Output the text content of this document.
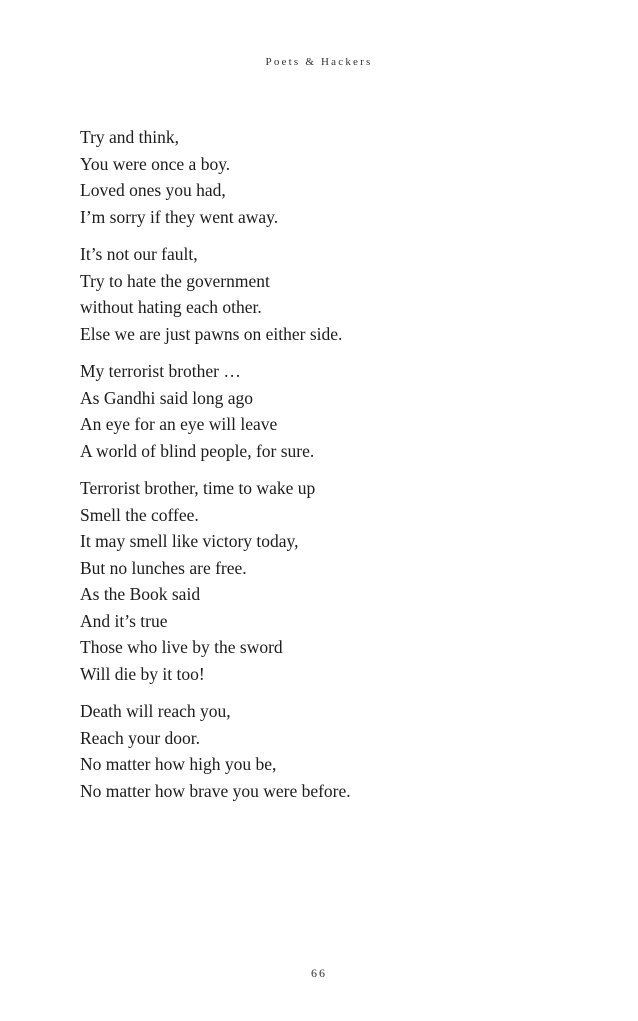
Poets & Hackers
Try and think,
You were once a boy.
Loved ones you had,
I’m sorry if they went away.
It’s not our fault,
Try to hate the government
without hating each other.
Else we are just pawns on either side.
My terrorist brother …
As Gandhi said long ago
An eye for an eye will leave
A world of blind people, for sure.
Terrorist brother, time to wake up
Smell the coffee.
It may smell like victory today,
But no lunches are free.
As the Book said
And it’s true
Those who live by the sword
Will die by it too!
Death will reach you,
Reach your door.
No matter how high you be,
No matter how brave you were before.
66
